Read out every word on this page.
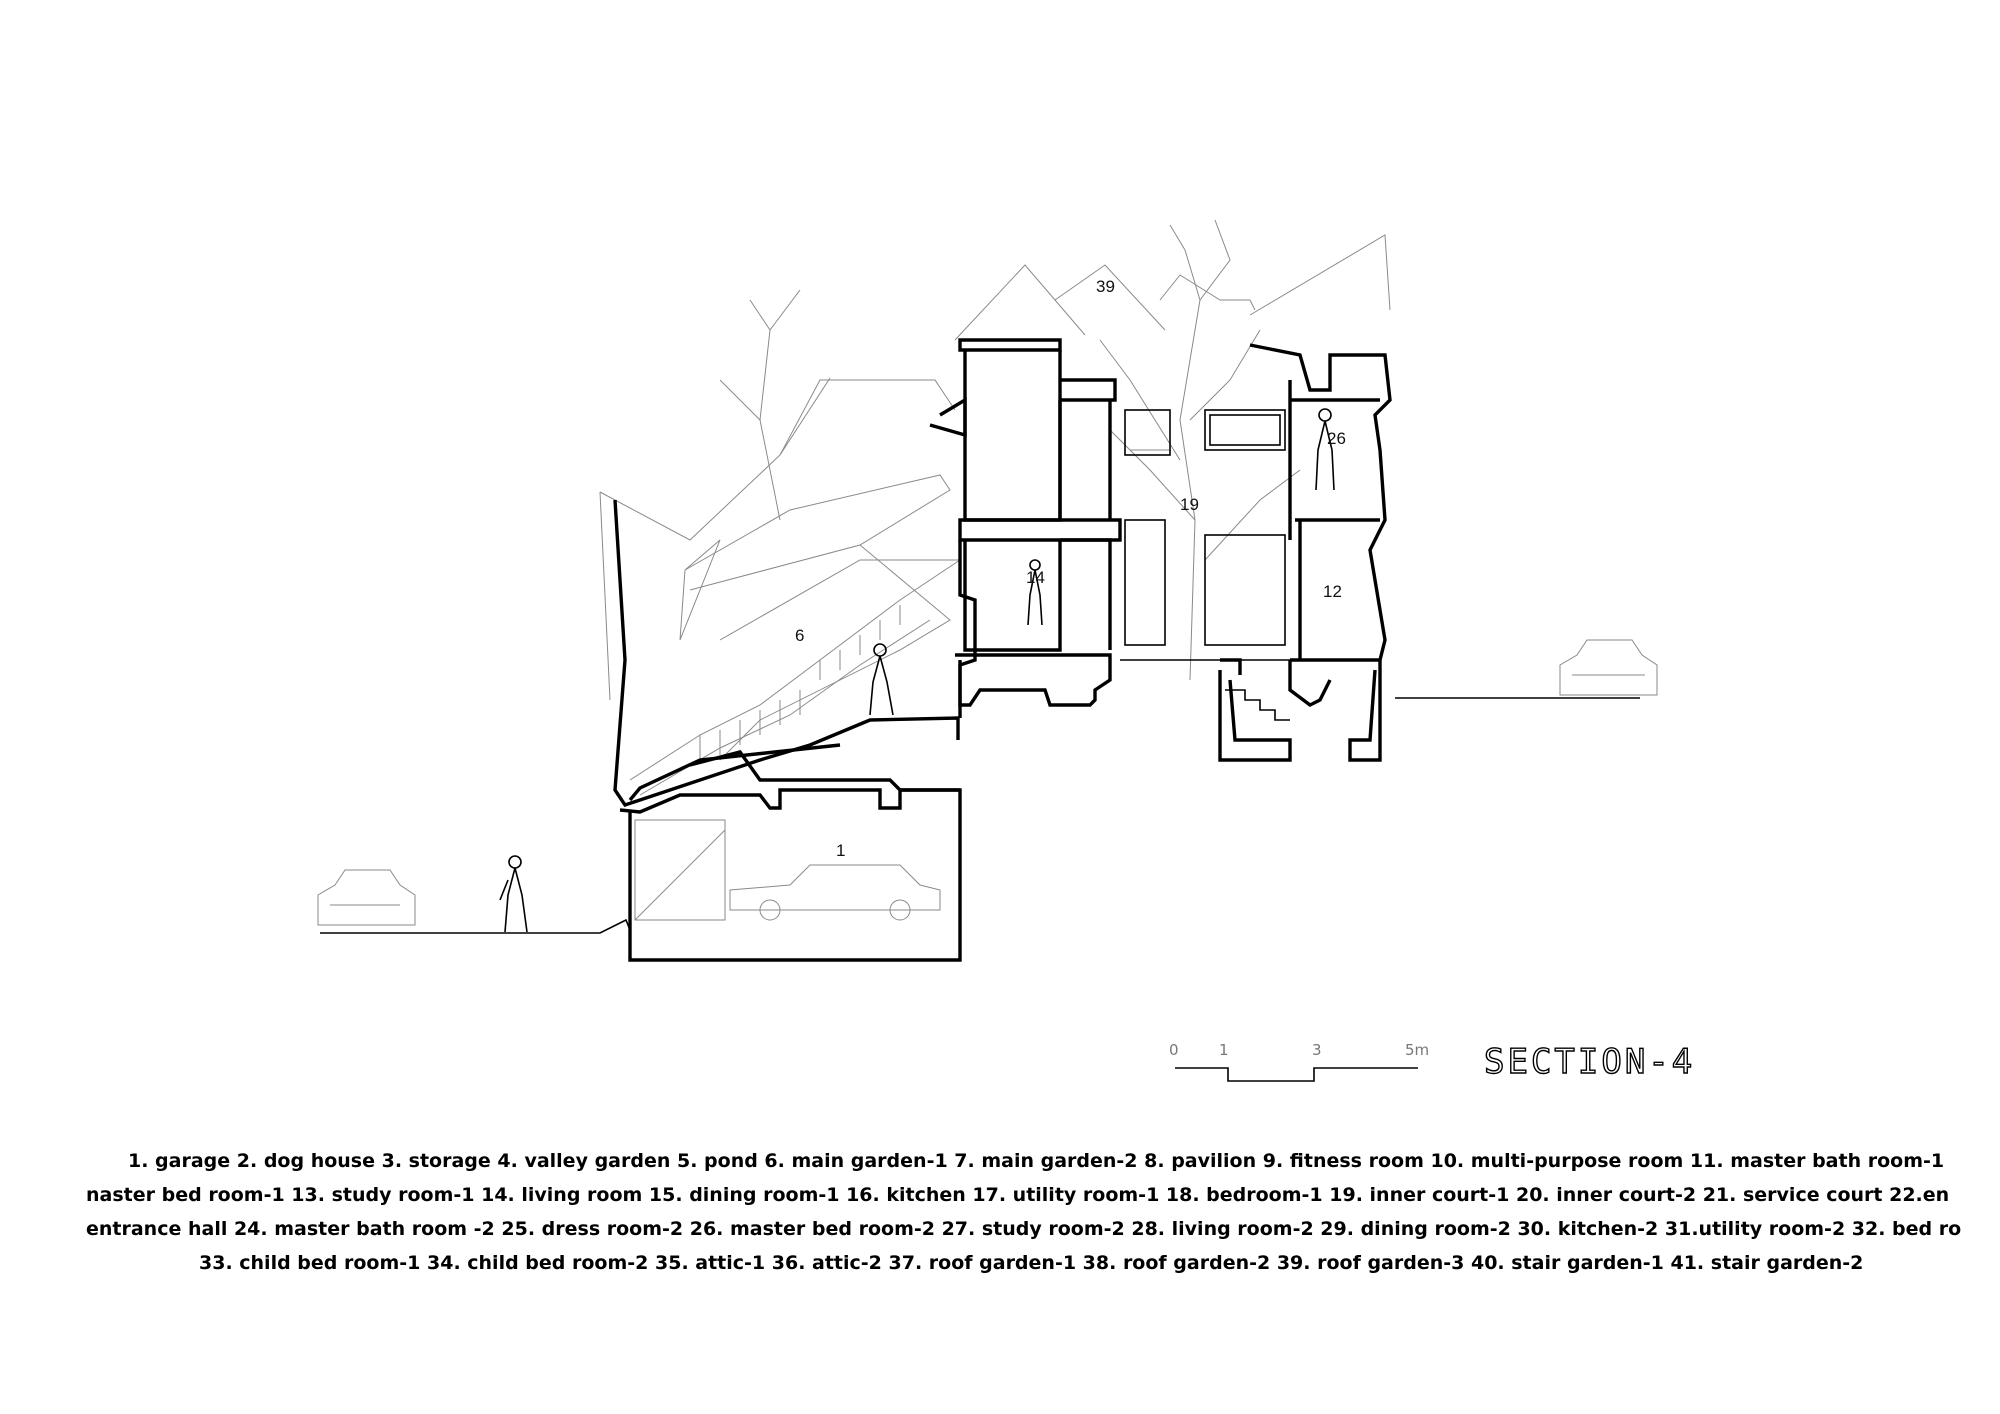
39
26
19
14
12
6
1
0	1	3	5m SECTION-4
1. garage 2. dog house 3. storage 4. valley garden 5. pond 6. main garden-1 7. main garden-2 8. pavilion 9. fitness room 10. multi-purpose room 11. master bath room-1
naster bed room-1 13. study room-1 14. living room 15. dining room-1 16. kitchen 17. utility room-1 18. bedroom-1 19. inner court-1 20. inner court-2 21. service court 22.en
entrance hall 24. master bath room -2 25. dress room-2 26. master bed room-2 27. study room-2 28. living room-2 29. dining room-2 30. kitchen-2 31.utility room-2 32. bed ro
33. child bed room-1 34. child bed room-2 35. attic-1 36. attic-2 37. roof garden-1 38. roof garden-2 39. roof garden-3 40. stair garden-1 41. stair garden-2
